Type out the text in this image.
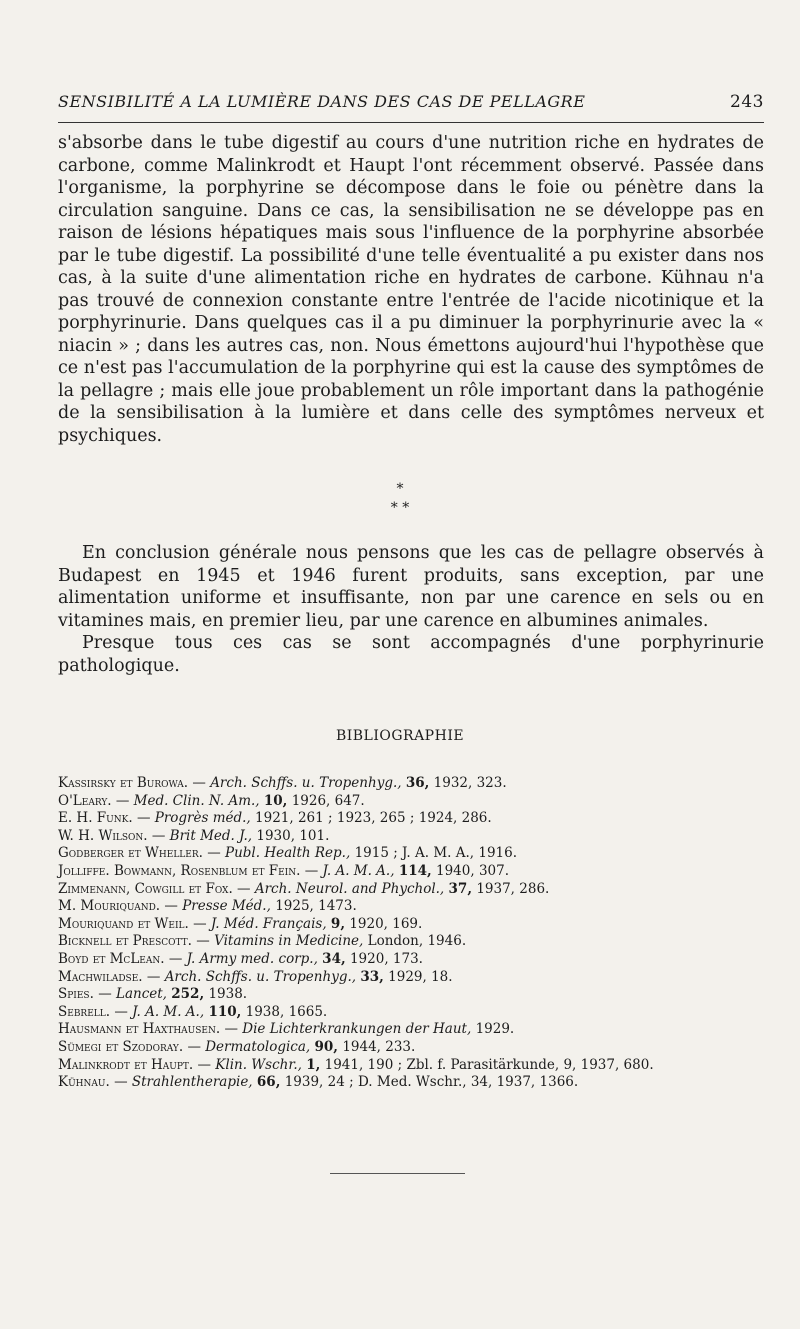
SENSIBILITÉ A LA LUMIÈRE DANS DES CAS DE PELLAGRE	243

s'absorbe dans le tube digestif au cours d'une nutrition riche en hydrates de carbone, comme Malinkrodt et Haupt l'ont récemment observé. Passée dans l'organisme, la porphyrine se décompose dans le foie ou pénètre dans la circulation sanguine. Dans ce cas, la sensibilisation ne se développe pas en raison de lésions hépatiques mais sous l'influence de la porphyrine absorbée par le tube digestif. La possibilité d'une telle éventualité a pu exister dans nos cas, à la suite d'une alimentation riche en hydrates de carbone. Kühnau n'a pas trouvé de connexion constante entre l'entrée de l'acide nicotinique et la porphyrinurie. Dans quelques cas il a pu diminuer la porphyrinurie avec la « niacin » ; dans les autres cas, non. Nous émettons aujourd'hui l'hypothèse que ce n'est pas l'accumulation de la porphyrine qui est la cause des symptômes de la pellagre ; mais elle joue probablement un rôle important dans la pathogénie de la sensibilisation à la lumière et dans celle des symptômes nerveux et psychiques.

*
* *

En conclusion générale nous pensons que les cas de pellagre observés à Budapest en 1945 et 1946 furent produits, sans exception, par une alimentation uniforme et insuffisante, non par une carence en sels ou en vitamines mais, en premier lieu, par une carence en albumines animales.

Presque tous ces cas se sont accompagnés d'une porphyrinurie pathologique.

BIBLIOGRAPHIE
Kassirsky et Burowa. — Arch. Schffs. u. Tropenhyg., 36, 1932, 323.
O'Leary. — Med. Clin. N. Am., 10, 1926, 647.
E. H. Funk. — Progrès méd., 1921, 261 ; 1923, 265 ; 1924, 286.
W. H. Wilson. — Brit Med. J., 1930, 101.
Godberger et Wheller. — Publ. Health Rep., 1915 ; J. A. M. A., 1916.
Jolliffe. Bowmann, Rosenblum et Fein. — J. A. M. A., 114, 1940, 307.
Zimmenann, Cowgill et Fox. — Arch. Neurol. and Phychol., 37, 1937, 286.
M. Mouriquand. — Presse Méd., 1925, 1473.
Mouriquand et Weil. — J. Méd. Français, 9, 1920, 169.
Bicknell et Prescott. — Vitamins in Medicine, London, 1946.
Boyd et McLean. — J. Army med. corp., 34, 1920, 173.
Machwiladse. — Arch. Schffs. u. Tropenhyg., 33, 1929, 18.
Spies. — Lancet, 252, 1938.
Sebrell. — J. A. M. A., 110, 1938, 1665.
Hausmann et Haxthausen. — Die Lichterkrankungen der Haut, 1929.
Sümegi et Szodoray. — Dermatologica, 90, 1944, 233.
Malinkrodt et Haupt. — Klin. Wschr., 1, 1941, 190 ; Zbl. f. Parasitärkunde, 9, 1937, 680.
Kühnau. — Strahlentherapie, 66, 1939, 24 ; D. Med. Wschr., 34, 1937, 1366.
